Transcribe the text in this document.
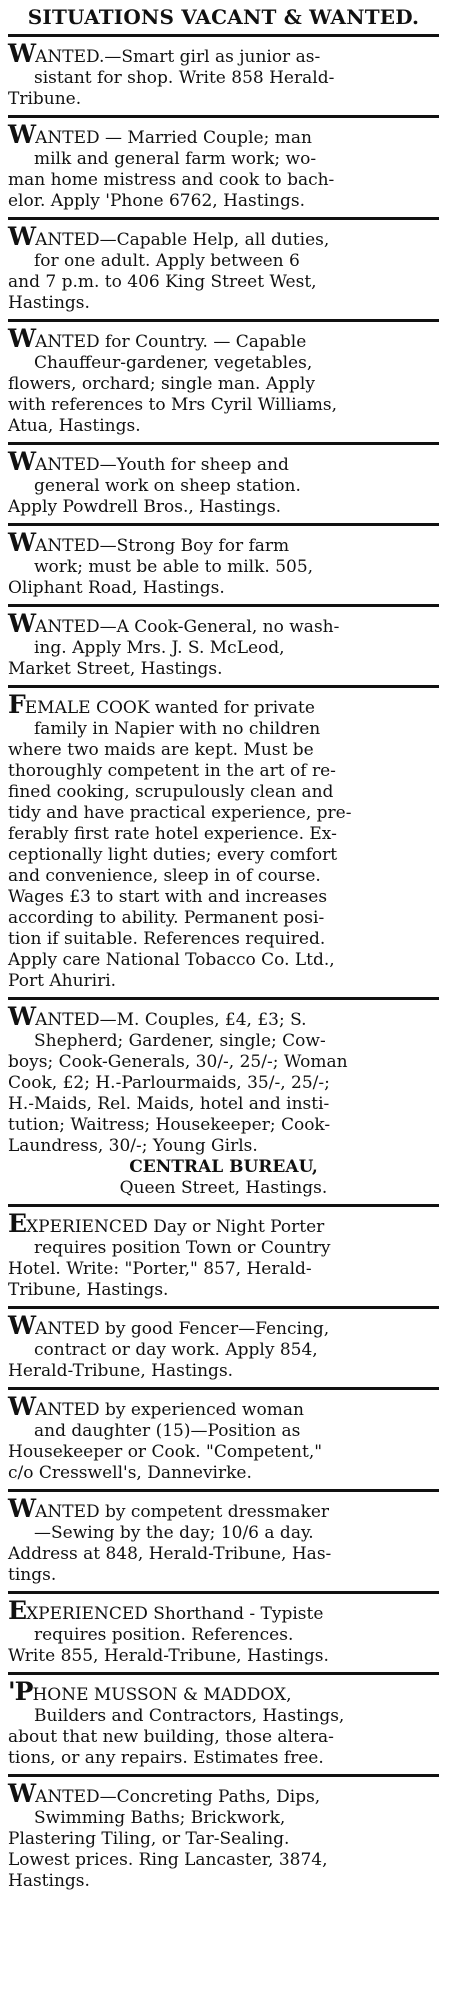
SITUATIONS VACANT & WANTED.

WANTED.—Smart girl as junior as-

sistant for shop. Write 858 Herald-

Tribune.

WANTED — Married Couple; man

milk and general farm work; wo-

man home mistress and cook to bach-

elor. Apply 'Phone 6762, Hastings.

WANTED—Capable Help, all duties,

for one adult. Apply between 6

and 7 p.m. to 406 King Street West,

Hastings.

WANTED for Country. — Capable

Chauffeur-gardener, vegetables,

flowers, orchard; single man. Apply

with references to Mrs Cyril Williams,

Atua, Hastings.

WANTED—Youth for sheep and

general work on sheep station.

Apply Powdrell Bros., Hastings.

WANTED—Strong Boy for farm

work; must be able to milk. 505,

Oliphant Road, Hastings.

WANTED—A Cook-General, no wash-

ing. Apply Mrs. J. S. McLeod,

Market Street, Hastings.

FEMALE COOK wanted for private

family in Napier with no children

where two maids are kept. Must be

thoroughly competent in the art of re-

fined cooking, scrupulously clean and

tidy and have practical experience, pre-

ferably first rate hotel experience. Ex-

ceptionally light duties; every comfort

and convenience, sleep in of course.

Wages £3 to start with and increases

according to ability. Permanent posi-

tion if suitable. References required.

Apply care National Tobacco Co. Ltd.,

Port Ahuriri.

WANTED—M. Couples, £4, £3; S.

Shepherd; Gardener, single; Cow-

boys; Cook-Generals, 30/-, 25/-; Woman

Cook, £2; H.-Parlourmaids, 35/-, 25/-;

H.-Maids, Rel. Maids, hotel and insti-

tution; Waitress; Housekeeper; Cook-

Laundress, 30/-; Young Girls.

CENTRAL BUREAU,

Queen Street, Hastings.

EXPERIENCED Day or Night Porter

requires position Town or Country

Hotel. Write: "Porter," 857, Herald-

Tribune, Hastings.

WANTED by good Fencer—Fencing,

contract or day work. Apply 854,

Herald-Tribune, Hastings.

WANTED by experienced woman

and daughter (15)—Position as

Housekeeper or Cook. "Competent,"

c/o Cresswell's, Dannevirke.

WANTED by competent dressmaker

—Sewing by the day; 10/6 a day.

Address at 848, Herald-Tribune, Has-

tings.

EXPERIENCED Shorthand - Typiste

requires position. References.

Write 855, Herald-Tribune, Hastings.

'PHONE MUSSON & MADDOX,

Builders and Contractors, Hastings,

about that new building, those altera-

tions, or any repairs. Estimates free.

WANTED—Concreting Paths, Dips,

Swimming Baths; Brickwork,

Plastering Tiling, or Tar-Sealing.

Lowest prices. Ring Lancaster, 3874,

Hastings.
